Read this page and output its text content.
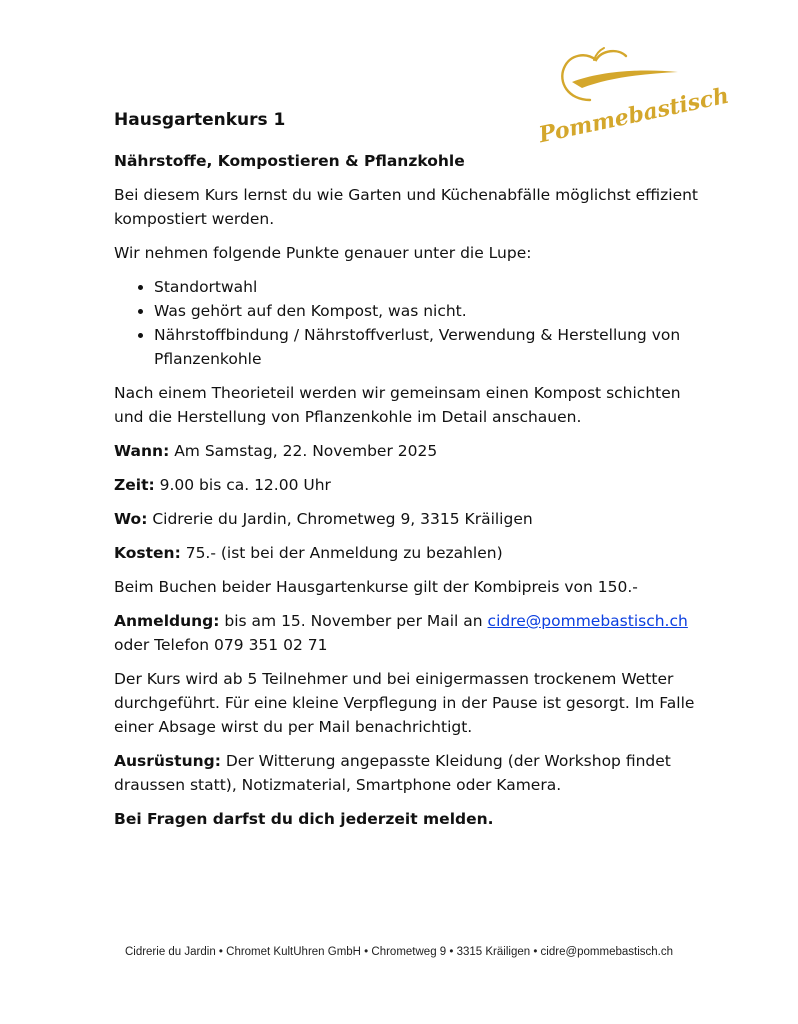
Pommebastisch
Hausgartenkurs 1
Nährstoffe, Kompostieren & Pflanzkohle

Bei diesem Kurs lernst du wie Garten und Küchenabfälle möglichst effizient kompostiert werden.

Wir nehmen folgende Punkte genauer unter die Lupe:

• Standortwahl
• Was gehört auf den Kompost, was nicht.
• Nährstoffbindung / Nährstoffverlust, Verwendung & Herstellung von Pflanzenkohle

Nach einem Theorieteil werden wir gemeinsam einen Kompost schichten und die Herstellung von Pflanzenkohle im Detail anschauen.

Wann: Am Samstag, 22. November 2025

Zeit: 9.00 bis ca. 12.00 Uhr

Wo: Cidrerie du Jardin, Chrometweg 9, 3315 Kräiligen

Kosten: 75.- (ist bei der Anmeldung zu bezahlen)

Beim Buchen beider Hausgartenkurse gilt der Kombipreis von 150.-

Anmeldung: bis am 15. November per Mail an cidre@pommebastisch.ch
oder Telefon 079 351 02 71

Der Kurs wird ab 5 Teilnehmer und bei einigermassen trockenem Wetter durchgeführt. Für eine kleine Verpflegung in der Pause ist gesorgt. Im Falle einer Absage wirst du per Mail benachrichtigt.

Ausrüstung: Der Witterung angepasste Kleidung (der Workshop findet draussen statt), Notizmaterial, Smartphone oder Kamera.

Bei Fragen darfst du dich jederzeit melden.

Cidrerie du Jardin • Chromet KultUhren GmbH • Chrometweg 9 • 3315 Kräiligen • cidre@pommebastisch.ch
